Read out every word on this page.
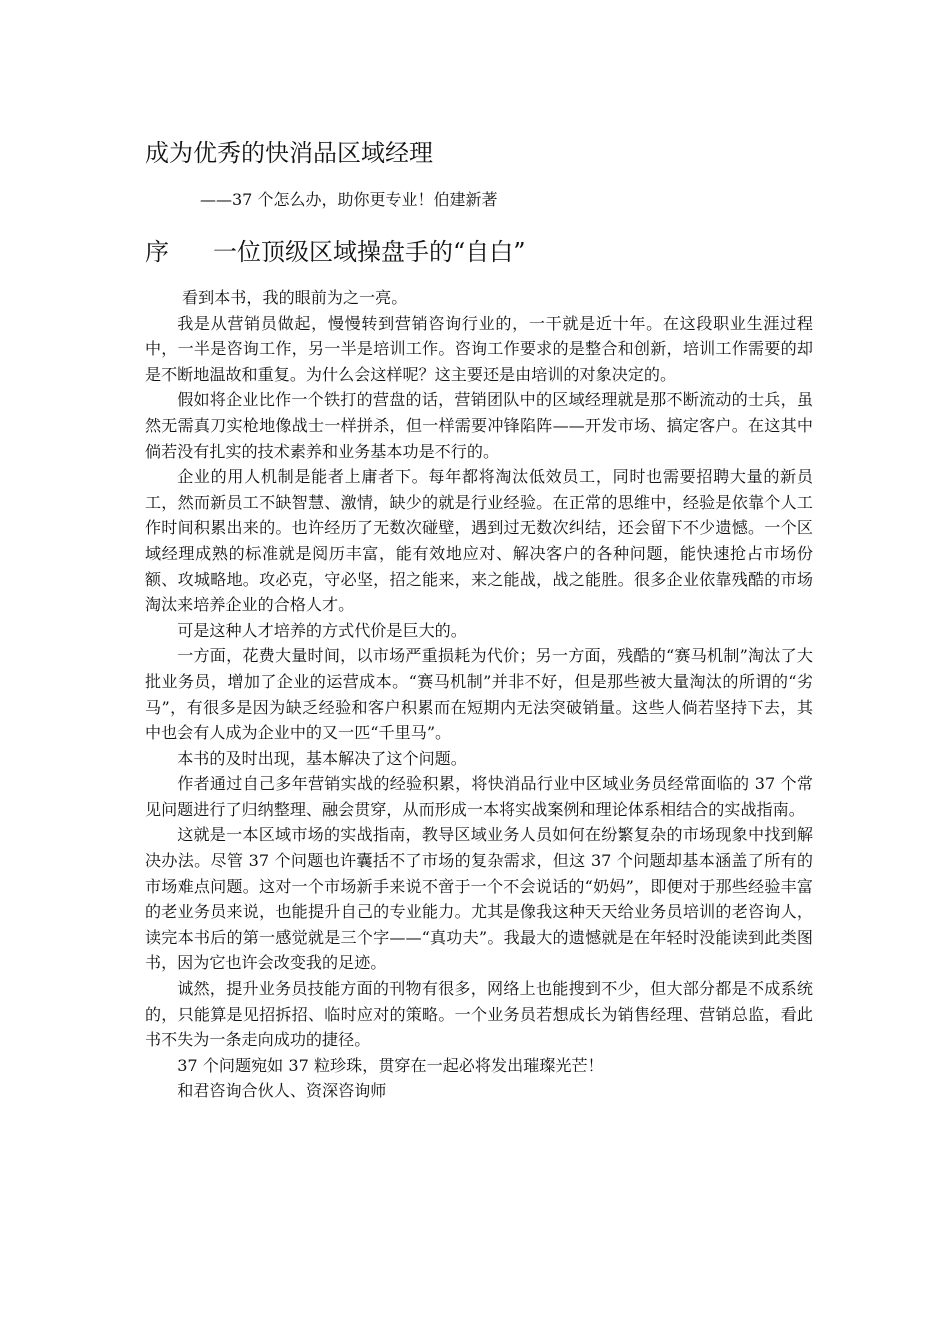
成为优秀的快消品区域经理
——37 个怎么办，助你更专业！伯建新著
序 一位顶级区域操盘手的“自白”

看到本书，我的眼前为之一亮。

我是从营销员做起，慢慢转到营销咨询行业的，一干就是近十年。在这段职业生涯过程中，一半是咨询工作，另一半是培训工作。咨询工作要求的是整合和创新，培训工作需要的却是不断地温故和重复。为什么会这样呢？这主要还是由培训的对象决定的。

假如将企业比作一个铁打的营盘的话，营销团队中的区域经理就是那不断流动的士兵，虽然无需真刀实枪地像战士一样拼杀，但一样需要冲锋陷阵——开发市场、搞定客户。在这其中倘若没有扎实的技术素养和业务基本功是不行的。

企业的用人机制是能者上庸者下。每年都将淘汰低效员工，同时也需要招聘大量的新员工，然而新员工不缺智慧、激情，缺少的就是行业经验。在正常的思维中，经验是依靠个人工作时间积累出来的。也许经历了无数次碰壁，遇到过无数次纠结，还会留下不少遗憾。一个区域经理成熟的标准就是阅历丰富，能有效地应对、解决客户的各种问题，能快速抢占市场份额、攻城略地。攻必克，守必坚，招之能来，来之能战，战之能胜。很多企业依靠残酷的市场淘汰来培养企业的合格人才。

可是这种人才培养的方式代价是巨大的。

一方面，花费大量时间，以市场严重损耗为代价；另一方面，残酷的“赛马机制”淘汰了大批业务员，增加了企业的运营成本。“赛马机制”并非不好，但是那些被大量淘汰的所谓的“劣马”，有很多是因为缺乏经验和客户积累而在短期内无法突破销量。这些人倘若坚持下去，其中也会有人成为企业中的又一匹“千里马”。

本书的及时出现，基本解决了这个问题。

作者通过自己多年营销实战的经验积累，将快消品行业中区域业务员经常面临的 37 个常见问题进行了归纳整理、融会贯穿，从而形成一本将实战案例和理论体系相结合的实战指南。

这就是一本区域市场的实战指南，教导区域业务人员如何在纷繁复杂的市场现象中找到解决办法。尽管 37 个问题也许囊括不了市场的复杂需求，但这 37 个问题却基本涵盖了所有的市场难点问题。这对一个市场新手来说不啻于一个不会说话的“奶妈”，即便对于那些经验丰富的老业务员来说，也能提升自己的专业能力。尤其是像我这种天天给业务员培训的老咨询人，读完本书后的第一感觉就是三个字——“真功夫”。我最大的遗憾就是在年轻时没能读到此类图书，因为它也许会改变我的足迹。

诚然，提升业务员技能方面的刊物有很多，网络上也能搜到不少，但大部分都是不成系统的，只能算是见招拆招、临时应对的策略。一个业务员若想成长为销售经理、营销总监，看此书不失为一条走向成功的捷径。

37 个问题宛如 37 粒珍珠，贯穿在一起必将发出璀璨光芒！

和君咨询合伙人、资深咨询师
